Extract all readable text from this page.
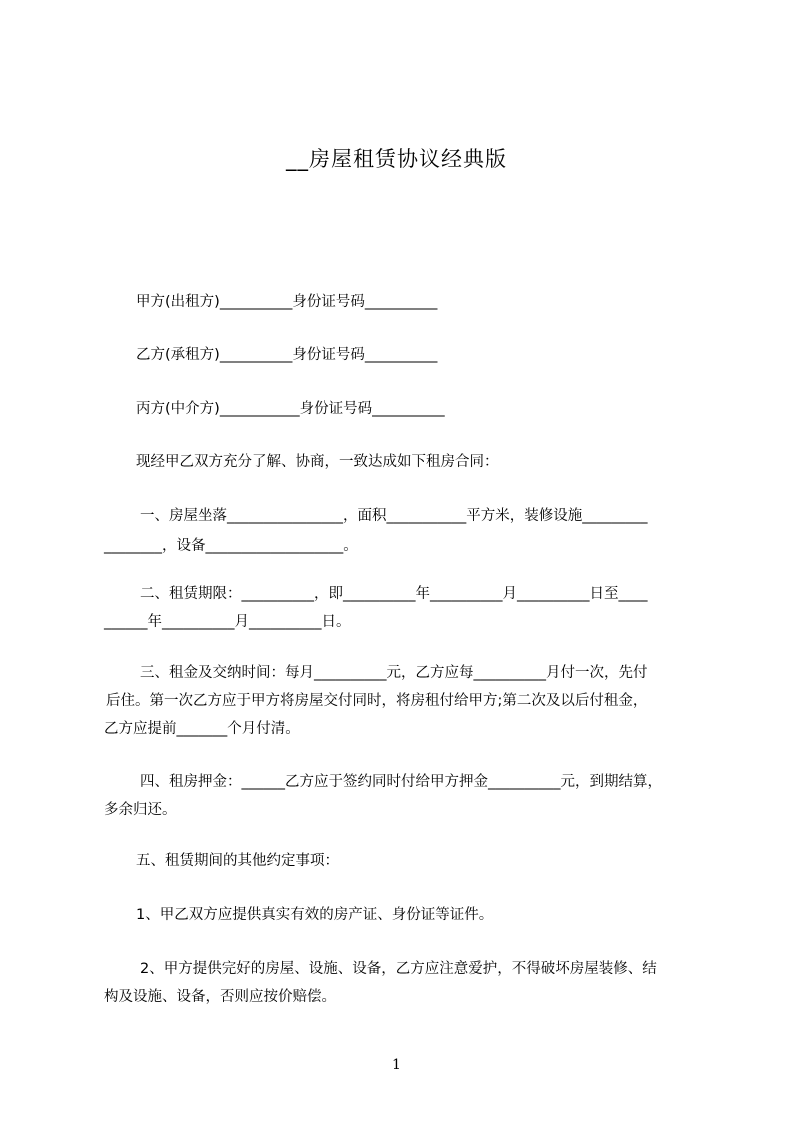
__房屋租赁协议经典版
甲方(出租方)__________身份证号码__________
乙方(承租方)__________身份证号码__________
丙方(中介方)___________身份证号码__________
现经甲乙双方充分了解、协商，一致达成如下租房合同：
一、房屋坐落________________，面积___________平方米，装修设施_________
________，设备___________________。
二、租赁期限：__________，即__________年__________月__________日至____
______年__________月__________日。
三、租金及交纳时间：每月__________元，乙方应每__________月付一次，先付
后住。第一次乙方应于甲方将房屋交付同时，将房租付给甲方;第二次及以后付租金，
乙方应提前_______个月付清。
四、租房押金：______乙方应于签约同时付给甲方押金__________元，到期结算，
多余归还。
五、租赁期间的其他约定事项：
1、甲乙双方应提供真实有效的房产证、身份证等证件。
2、甲方提供完好的房屋、设施、设备，乙方应注意爱护，不得破坏房屋装修、结
构及设施、设备，否则应按价赔偿。
1
